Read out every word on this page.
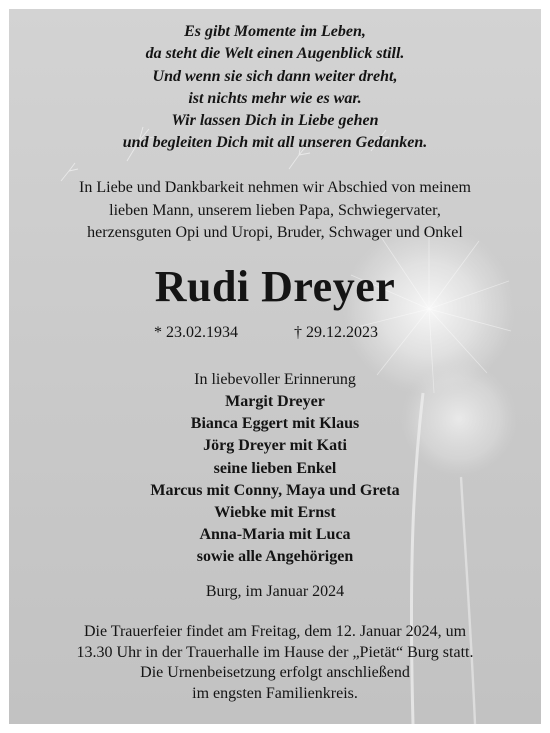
Es gibt Momente im Leben,
da steht die Welt einen Augenblick still.
Und wenn sie sich dann weiter dreht,
ist nichts mehr wie es war.
Wir lassen Dich in Liebe gehen
und begleiten Dich mit all unseren Gedanken.
In Liebe und Dankbarkeit nehmen wir Abschied von meinem
lieben Mann, unserem lieben Papa, Schwiegervater,
herzensguten Opi und Uropi, Bruder, Schwager und Onkel
Rudi Dreyer
* 23.02.1934	† 29.12.2023
In liebevoller Erinnerung
Margit Dreyer
Bianca Eggert mit Klaus
Jörg Dreyer mit Kati
seine lieben Enkel
Marcus mit Conny, Maya und Greta
Wiebke mit Ernst
Anna-Maria mit Luca
sowie alle Angehörigen
Burg, im Januar 2024
Die Trauerfeier findet am Freitag, dem 12. Januar 2024, um
13.30 Uhr in der Trauerhalle im Hause der „Pietät“ Burg statt.
Die Urnenbeisetzung erfolgt anschließend
im engsten Familienkreis.
